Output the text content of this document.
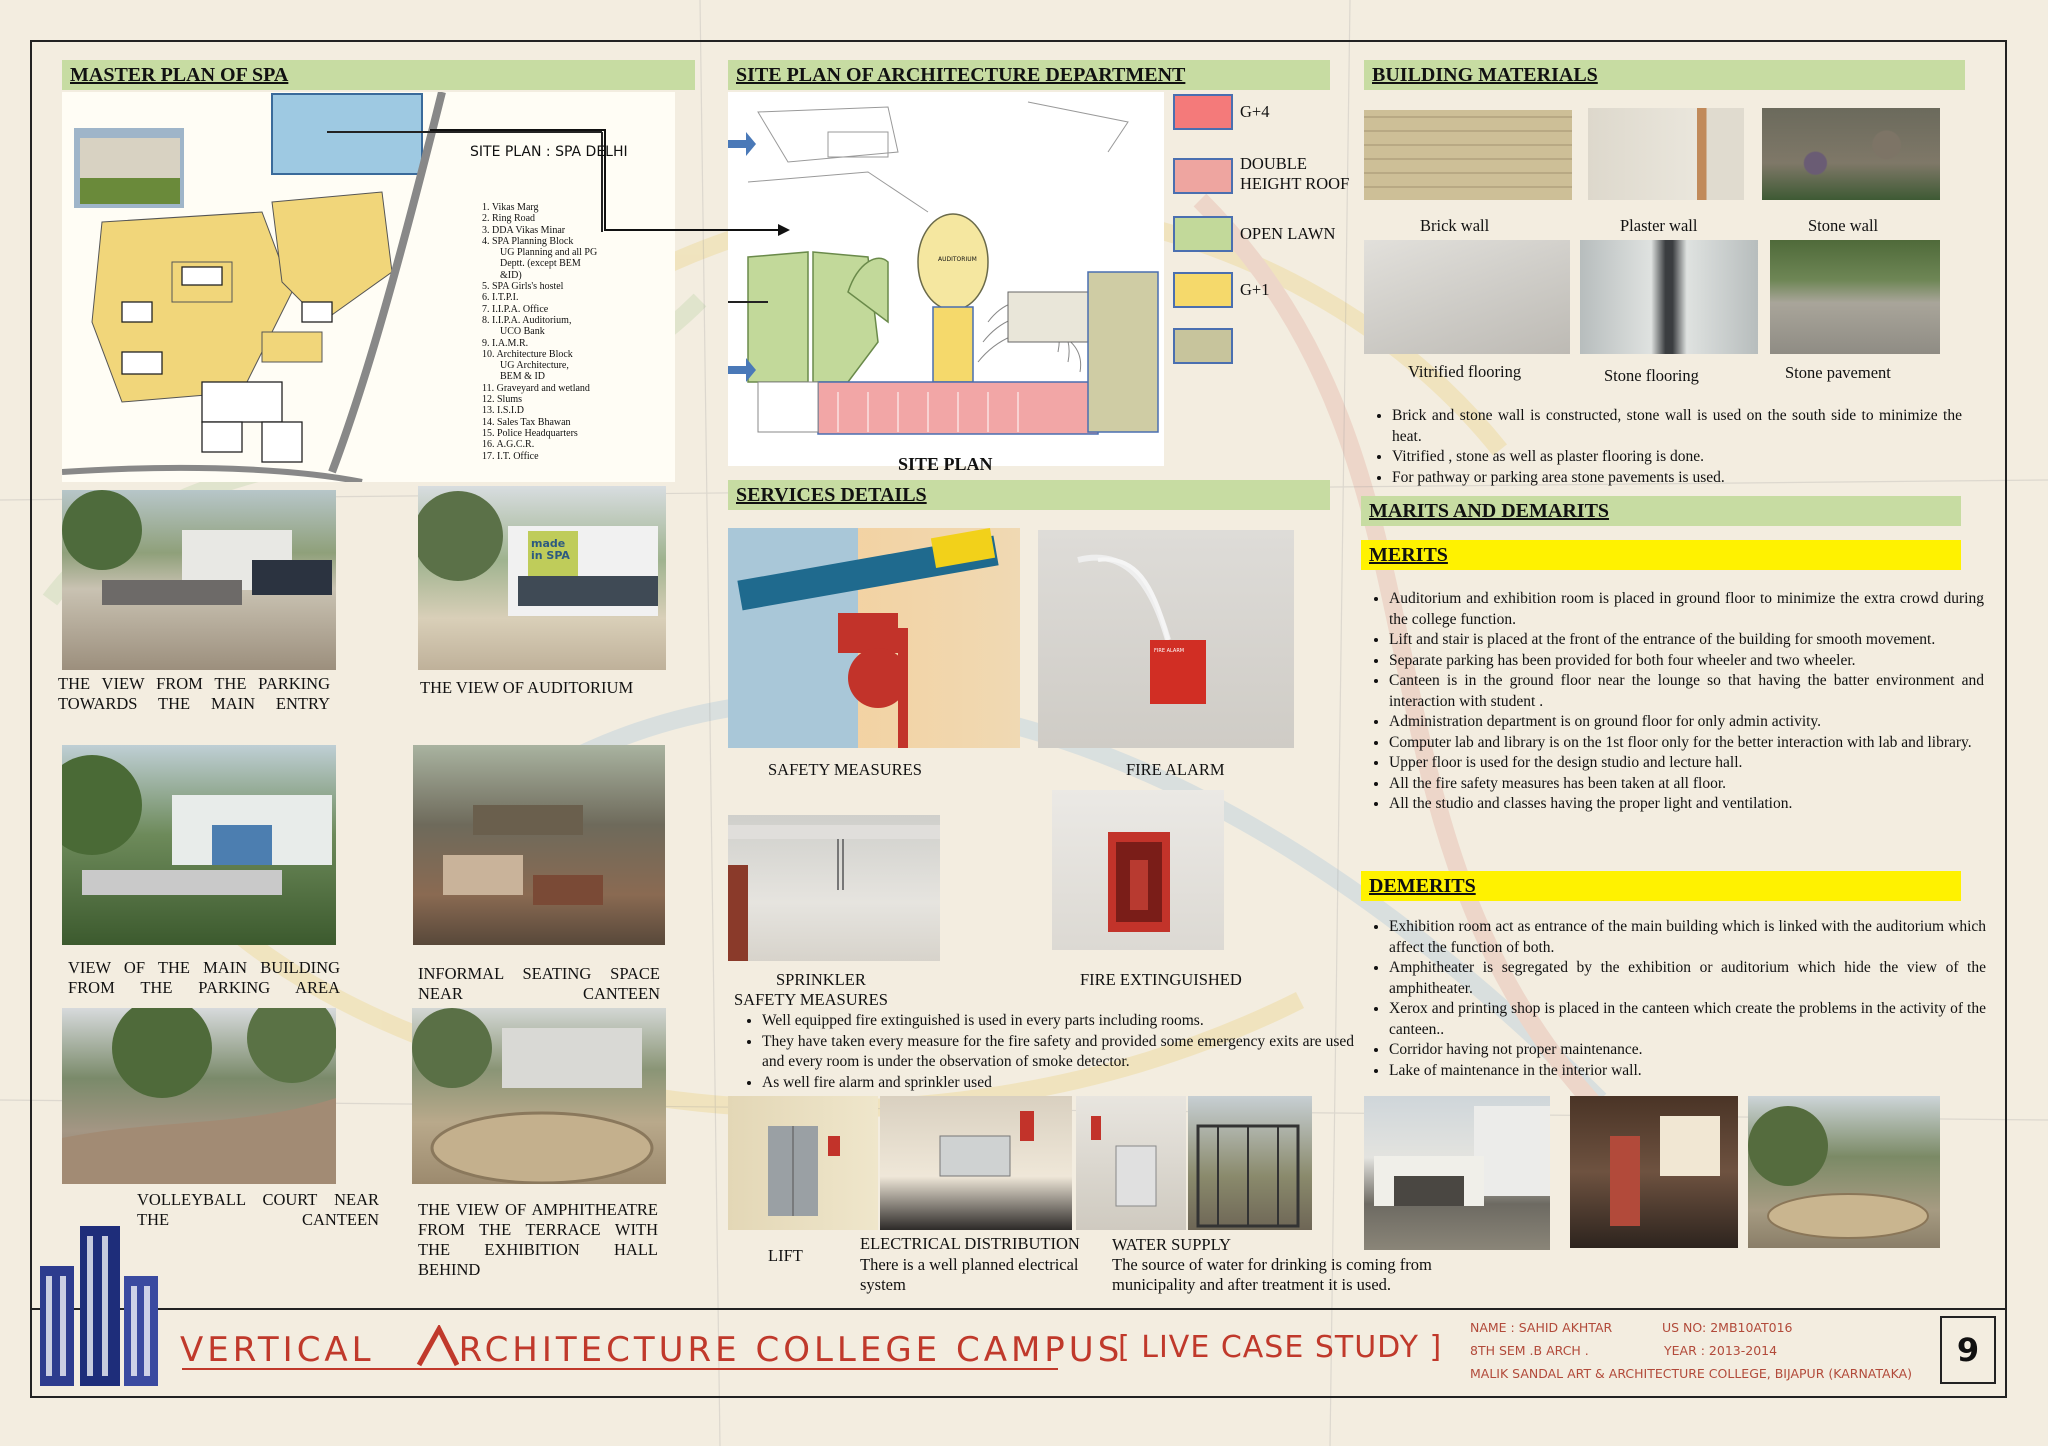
MASTER PLAN OF SPA
SITE PLAN : SPA DELHI
1. Vikas Marg
2. Ring Road
3. DDA Vikas Minar
4. SPA Planning Block
UG Planning and all PG
Deptt. (except BEM
&ID)
5. SPA Girls's hostel
6. I.T.P.I.
7. I.I.P.A. Office
8. I.I.P.A. Auditorium,
UCO Bank
9. I.A.M.R.
10. Architecture Block
UG Architecture,
BEM & ID
11. Graveyard and wetland
12. Slums
13. I.S.I.D
14. Sales Tax Bhawan
15. Police Headquarters
16. A.G.C.R.
17. I.T. Office
THE VIEW FROM THE PARKING TOWARDS THE MAIN ENTRY
made in SPA
THE VIEW OF AUDITORIUM
VIEW OF THE MAIN BUILDING FROM THE PARKING AREA
INFORMAL SEATING SPACE NEAR CANTEEN
VOLLEYBALL COURT NEAR THE CANTEEN
THE VIEW OF AMPHITHEATRE FROM THE TERRACE WITH THE EXHIBITION HALL BEHIND
SITE PLAN OF ARCHITECTURE DEPARTMENT
AUDITORIUM
SITE PLAN
G+4
DOUBLE HEIGHT ROOF
OPEN LAWN
G+1
BUILDING MATERIALS
Brick wall	Plaster wall	Stone wall
Vitrified flooring	Stone flooring	Stone pavement
• Brick and stone wall is constructed, stone wall is used on the south side to minimize the heat.
• Vitrified , stone as well as plaster flooring is done.
• For pathway or parking area stone pavements is used.
SERVICES DETAILS
SAFETY MEASURES
FIRE ALARM
FIRE ALARM
SPRINKLER	FIRE EXTINGUISHED
SAFETY MEASURES
• Well equipped fire extinguished is used in every parts including rooms.
• They have taken every measure for the fire safety and provided some emergency exits are used and every room is under the observation of smoke detector.
• As well fire alarm and sprinkler used
LIFT
ELECTRICAL DISTRIBUTION
There is a well planned electrical system
WATER SUPPLY
The source of water for drinking is coming from municipality and after treatment it is used.
MARITS AND DEMARITS
MERITS
• Auditorium and exhibition room is placed in ground floor to minimize the extra crowd during the college function.
• Lift and stair is placed at the front of the entrance of the building for smooth movement.
• Separate parking has been provided for both four wheeler and two wheeler.
• Canteen is in the ground floor near the lounge so that having the batter environment and interaction with student .
• Administration department is on ground floor for only admin activity.
• Computer lab and library is on the 1st floor only for the better interaction with lab and library.
• Upper floor is used for the design studio and lecture hall.
• All the fire safety measures has been taken at all floor.
• All the studio and classes having the proper light and ventilation.
DEMERITS
• Exhibition room act as entrance of the main building which is linked with the auditorium which affect the function of both.
• Amphitheater is segregated by the exhibition or auditorium which hide the view of the amphitheater.
• Xerox and printing shop is placed in the canteen which create the problems in the activity of the canteen..
• Corridor having not proper maintenance.
• Lake of maintenance in the interior wall.
VERTICAL RCHITECTURE COLLEGE CAMPUS
[ LIVE CASE STUDY ]
NAME : SAHID AKHTAR	US NO: 2MB10AT016
8TH SEM .B ARCH .	YEAR : 2013-2014
MALIK SANDAL ART & ARCHITECTURE COLLEGE, BIJAPUR (KARNATAKA)
9
